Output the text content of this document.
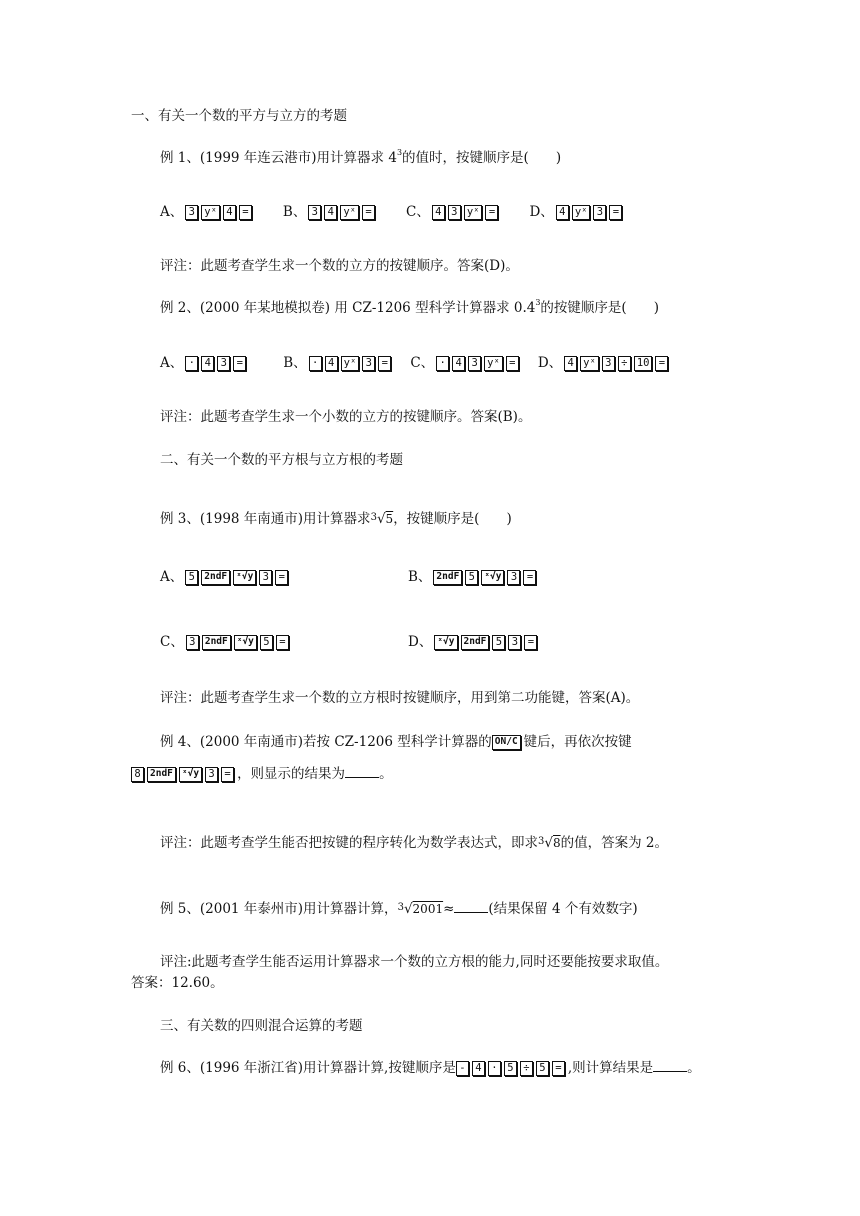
一、有关一个数的平方与立方的考题
例 1、(1999 年连云港市)用计算器求 $4^3$的值时，按键顺序是(　　)
A、 3 yˣ 4 =	B、 3 4 yˣ =	C、 4 3 yˣ =	D、 4 yˣ 3 =
评注：此题考查学生求一个数的立方的按键顺序。答案(D)。
例 2、(2000 年某地模拟卷) 用 CZ-1206 型科学计算器求 $0.4^3$的按键顺序是(　　)
A、 · 4 3 =	B、 · 4 yˣ 3 = C、 · 4 3 yˣ = D、 4 yˣ 3 ÷ 10 =
评注：此题考查学生求一个小数的立方的按键顺序。答案(B)。
二、有关一个数的平方根与立方根的考题
例 3、(1998 年南通市)用计算器求$^3$√5，按键顺序是(　　)
A、 5 2ndF ˣ√y 3 =	B、 2ndF 5 ˣ√y 3 =
C、 3 2ndF ˣ√y 5 =	D、 ˣ√y 2ndF 5 3 =
评注：此题考查学生求一个数的立方根时按键顺序，用到第二功能键，答案(A)。
例 4、(2000 年南通市)若按 CZ-1206 型科学计算器的 ON/C 键后，再依次按键
8 2ndF ˣ√y 3 = ，则显示的结果为	。
评注：此题考查学生能否把按键的程序转化为数学表达式，即求$^3$√8的值，答案为 2。
例 5、(2001 年泰州市)用计算器计算，$^3$√2001≈	(结果保留 4 个有效数字)
评注:此题考查学生能否运用计算器求一个数的立方根的能力,同时还要能按要求取值。
答案：12.60。
三、有关数的四则混合运算的考题
例 6、(1996 年浙江省)用计算器计算,按键顺序是 - 4 · 5 ÷ 5 = ,则计算结果是	。
